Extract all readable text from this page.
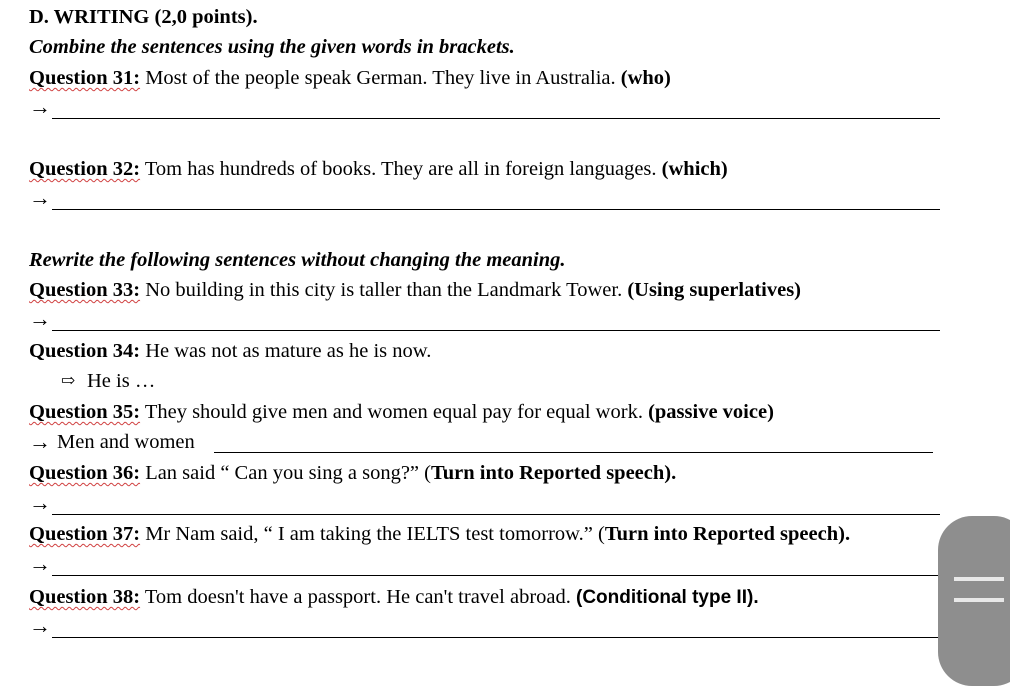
D. WRITING (2,0 points).
Combine the sentences using the given words in brackets.
Question 31: Most of the people speak German. They live in Australia. (who)
→
Question 32: Tom has hundreds of books. They are all in foreign languages. (which)
→
Rewrite the following sentences without changing the meaning.
Question 33: No building in this city is taller than the Landmark Tower. (Using superlatives)
→
Question 34: He was not as mature as he is now.
⇨ He is …
Question 35: They should give men and women equal pay for equal work. (passive voice)
→ Men and women
Question 36: Lan said “ Can you sing a song?” (Turn into Reported speech).
→
Question 37: Mr Nam said, “ I am taking the IELTS test tomorrow.” (Turn into Reported speech).
→
Question 38: Tom doesn't have a passport. He can't travel abroad. (Conditional type II).
→
